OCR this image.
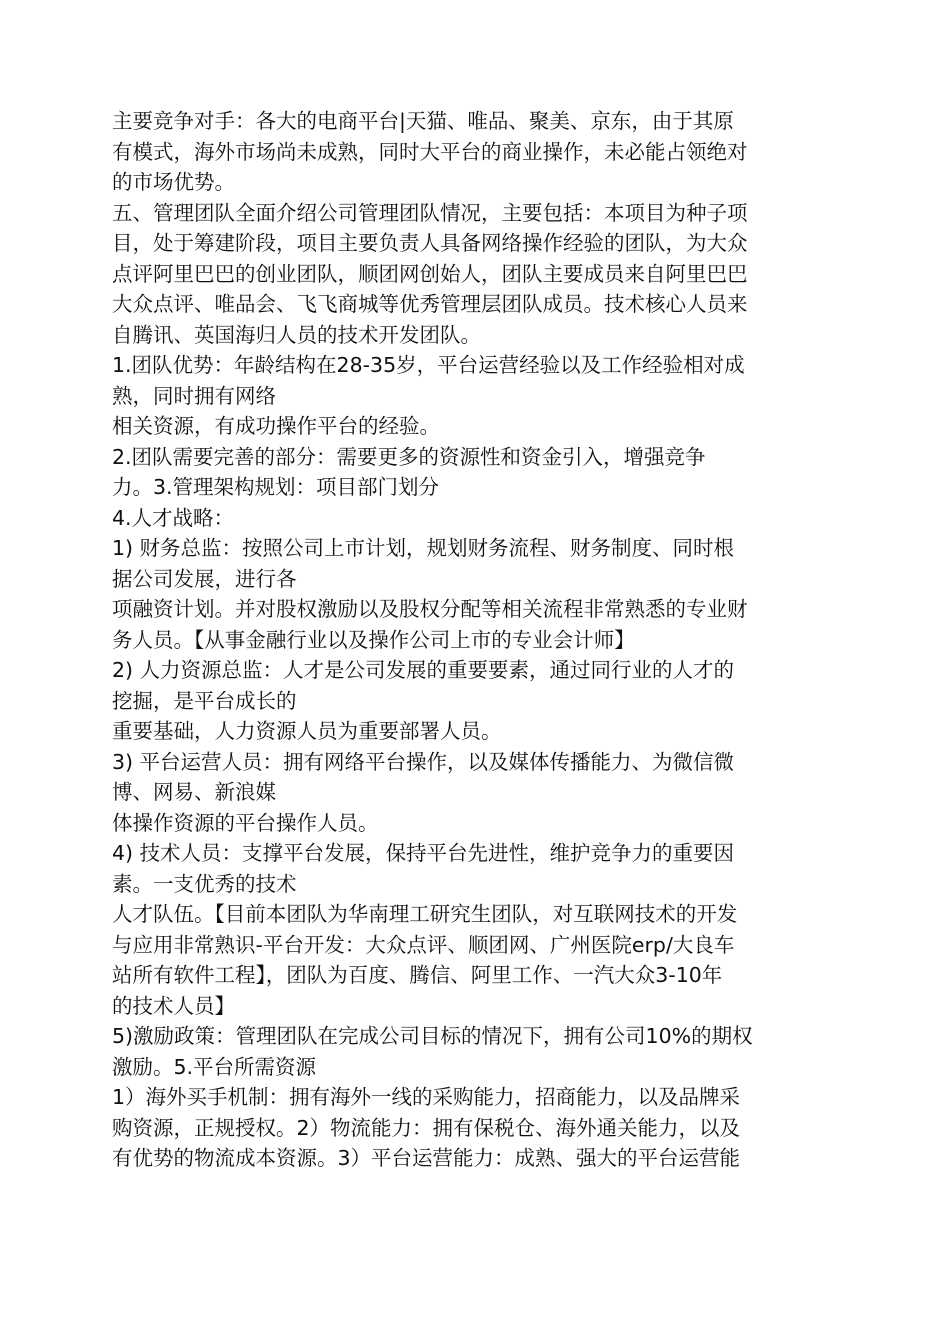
主要竞争对手：各大的电商平台|天猫、唯品、聚美、京东，由于其原
有模式，海外市场尚未成熟，同时大平台的商业操作，未必能占领绝对
的市场优势。
五、管理团队全面介绍公司管理团队情况，主要包括：本项目为种子项
目，处于筹建阶段，项目主要负责人具备网络操作经验的团队，为大众
点评阿里巴巴的创业团队，顺团网创始人，团队主要成员来自阿里巴巴
大众点评、唯品会、飞飞商城等优秀管理层团队成员。技术核心人员来
自腾讯、英国海归人员的技术开发团队。
1.团队优势：年龄结构在28-35岁，平台运营经验以及工作经验相对成
熟，同时拥有网络
相关资源，有成功操作平台的经验。
2.团队需要完善的部分：需要更多的资源性和资金引入，增强竞争
力。3.管理架构规划：项目部门划分
4.人才战略：
1) 财务总监：按照公司上市计划，规划财务流程、财务制度、同时根
据公司发展，进行各
项融资计划。并对股权激励以及股权分配等相关流程非常熟悉的专业财
务人员。【从事金融行业以及操作公司上市的专业会计师】
2) 人力资源总监：人才是公司发展的重要要素，通过同行业的人才的
挖掘，是平台成长的
重要基础，人力资源人员为重要部署人员。
3) 平台运营人员：拥有网络平台操作，以及媒体传播能力、为微信微
博、网易、新浪媒
体操作资源的平台操作人员。
4) 技术人员：支撑平台发展，保持平台先进性，维护竞争力的重要因
素。一支优秀的技术
人才队伍。【目前本团队为华南理工研究生团队，对互联网技术的开发
与应用非常熟识-平台开发：大众点评、顺团网、广州医院erp/大良车
站所有软件工程】，团队为百度、腾信、阿里工作、一汽大众3-10年
的技术人员】
5)激励政策：管理团队在完成公司目标的情况下，拥有公司10%的期权
激励。5.平台所需资源
1）海外买手机制：拥有海外一线的采购能力，招商能力，以及品牌采
购资源，正规授权。2）物流能力：拥有保税仓、海外通关能力，以及
有优势的物流成本资源。3）平台运营能力：成熟、强大的平台运营能
